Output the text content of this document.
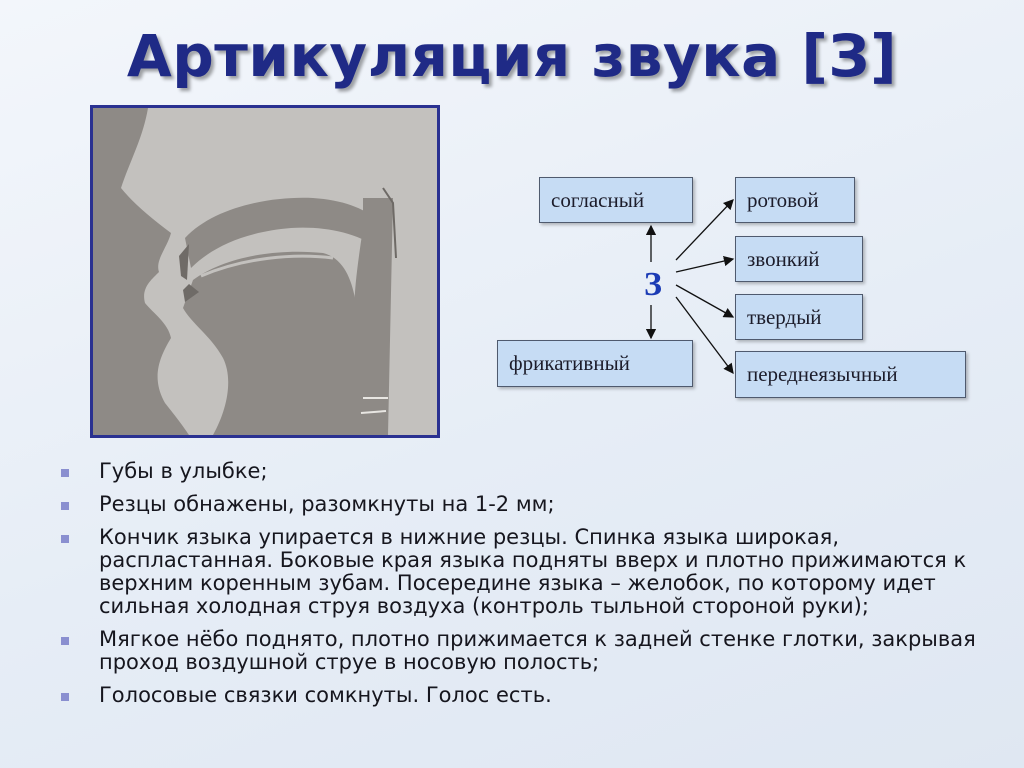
Артикуляция звука [З]
согласный
фрикативный
ротовой
звонкий
твердый
переднеязычный
З
Губы в улыбке;
Резцы обнажены, разомкнуты на 1-2 мм;
Кончик языка упирается в нижние резцы. Спинка языка широкая, распластанная. Боковые края языка подняты вверх и плотно прижимаются к верхним коренным зубам. Посередине языка – желобок, по которому идет сильная холодная струя воздуха (контроль тыльной стороной руки);
Мягкое нёбо поднято, плотно прижимается к задней стенке глотки, закрывая проход воздушной струе в носовую полость;
Голосовые связки сомкнуты. Голос есть.
